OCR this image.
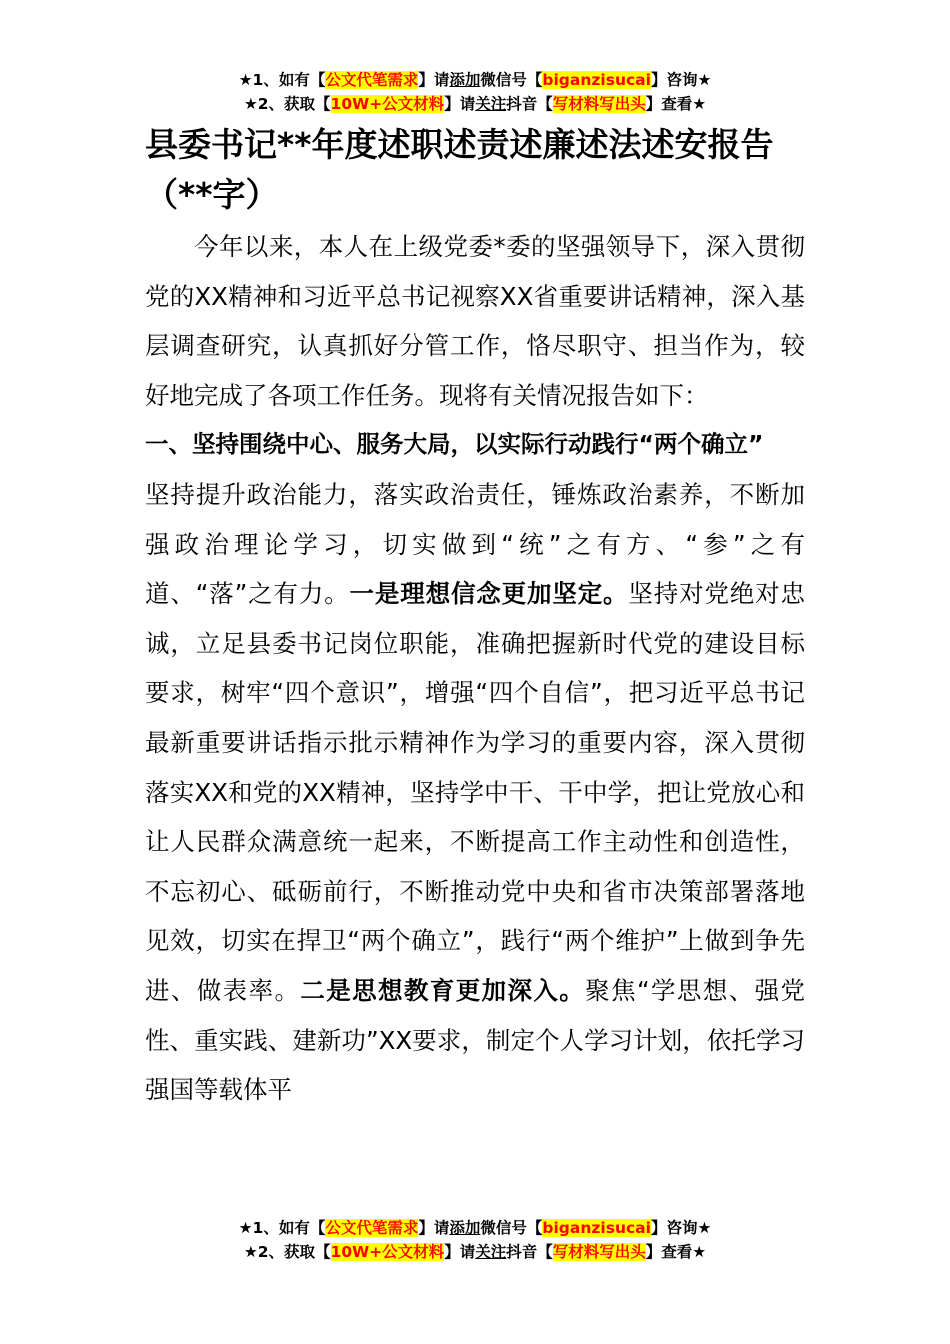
★1、如有【公文代笔需求】请添加微信号【biganzisucai】咨询★
★2、获取【10W+公文材料】请关注抖音【写材料写出头】查看★
县委书记**年度述职述责述廉述法述安报告（**字）

今年以来，本人在上级党委*委的坚强领导下，深入贯彻党的XX精神和习近平总书记视察XX省重要讲话精神，深入基层调查研究，认真抓好分管工作，恪尽职守、担当作为，较好地完成了各项工作任务。现将有关情况报告如下：

一、坚持围绕中心、服务大局，以实际行动践行“两个确立”

坚持提升政治能力，落实政治责任，锤炼政治素养，不断加强政治理论学习，切实做到“统”之有方、“参”之有道、“落”之有力。一是理想信念更加坚定。坚持对党绝对忠诚，立足县委书记岗位职能，准确把握新时代党的建设目标要求，树牢“四个意识”，增强“四个自信”，把习近平总书记最新重要讲话指示批示精神作为学习的重要内容，深入贯彻落实XX和党的XX精神，坚持学中干、干中学，把让党放心和让人民群众满意统一起来，不断提高工作主动性和创造性，不忘初心、砥砺前行，不断推动党中央和省市决策部署落地见效，切实在捍卫“两个确立”，践行“两个维护”上做到争先进、做表率。二是思想教育更加深入。聚焦“学思想、强党性、重实践、建新功”XX要求，制定个人学习计划，依托学习强国等载体平

★1、如有【公文代笔需求】请添加微信号【biganzisucai】咨询★
★2、获取【10W+公文材料】请关注抖音【写材料写出头】查看★
